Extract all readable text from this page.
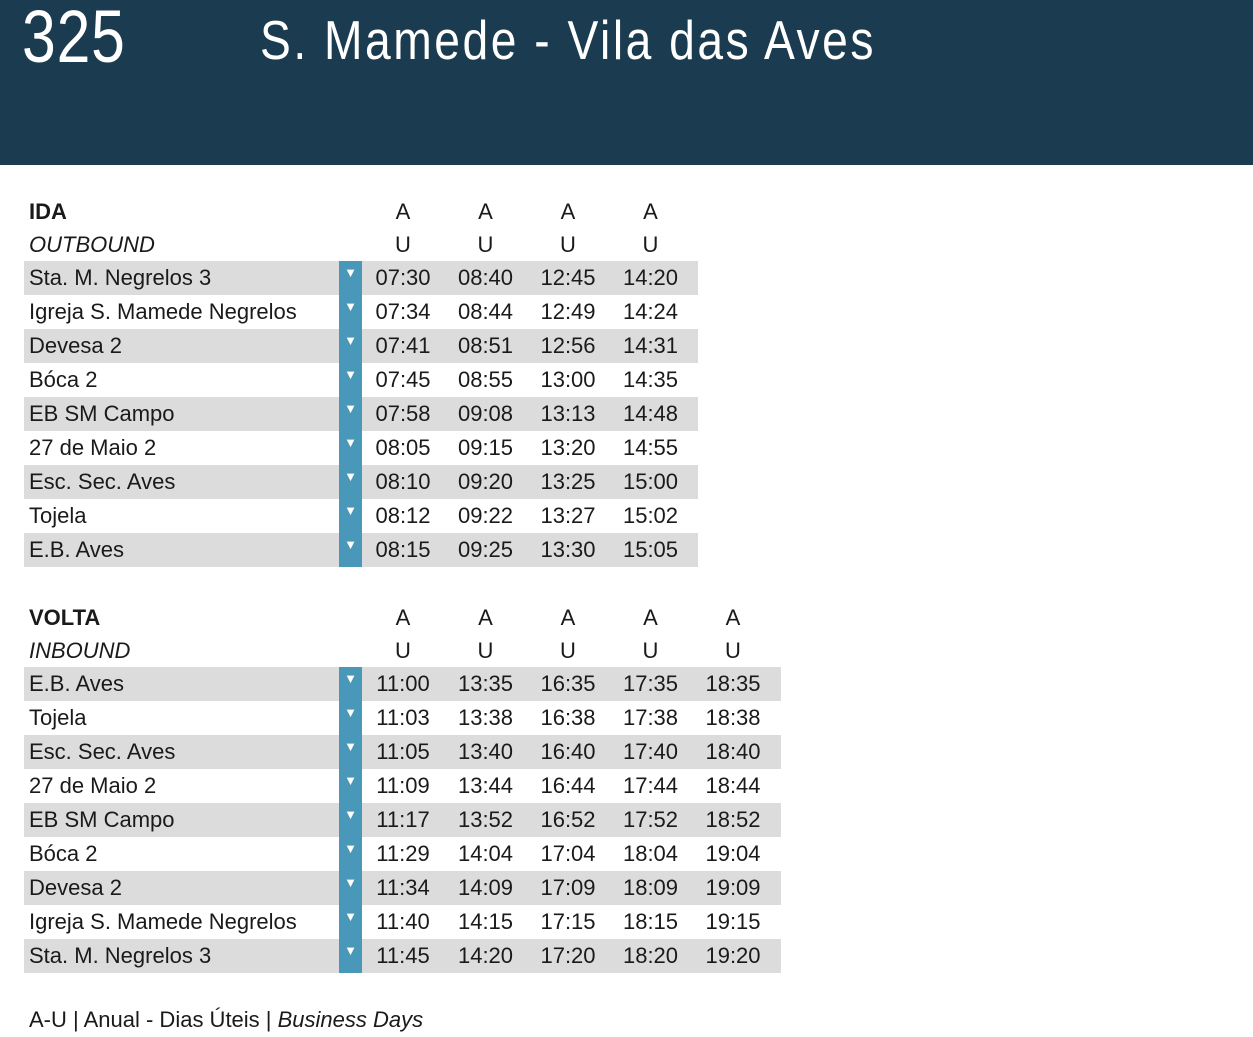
325 S. Mamede - Vila das Aves
IDA	A	A	A	A
OUTBOUND	U	U	U	U
Sta. M. Negrelos 3	▼ 07:30	08:40	12:45	14:20
Igreja S. Mamede Negrelos	▼ 07:34	08:44	12:49	14:24
Devesa 2	▼ 07:41	08:51	12:56	14:31
Bóca 2	▼ 07:45	08:55	13:00	14:35
EB SM Campo	▼ 07:58	09:08	13:13	14:48
27 de Maio 2	▼ 08:05	09:15	13:20	14:55
Esc. Sec. Aves	▼ 08:10	09:20	13:25	15:00
Tojela	▼ 08:12	09:22	13:27	15:02
E.B. Aves	▼ 08:15	09:25	13:30	15:05
VOLTA	A	A	A	A	A
INBOUND	U	U	U	U	U
E.B. Aves	▼ 11:00	13:35	16:35	17:35	18:35
Tojela	▼ 11:03	13:38	16:38	17:38	18:38
Esc. Sec. Aves	▼ 11:05	13:40	16:40	17:40	18:40
27 de Maio 2	▼ 11:09	13:44	16:44	17:44	18:44
EB SM Campo	▼ 11:17	13:52	16:52	17:52	18:52
Bóca 2	▼ 11:29	14:04	17:04	18:04	19:04
Devesa 2	▼ 11:34	14:09	17:09	18:09	19:09
Igreja S. Mamede Negrelos	▼ 11:40	14:15	17:15	18:15	19:15
Sta. M. Negrelos 3	▼ 11:45	14:20	17:20	18:20	19:20
A-U | Anual - Dias Úteis | Business Days
